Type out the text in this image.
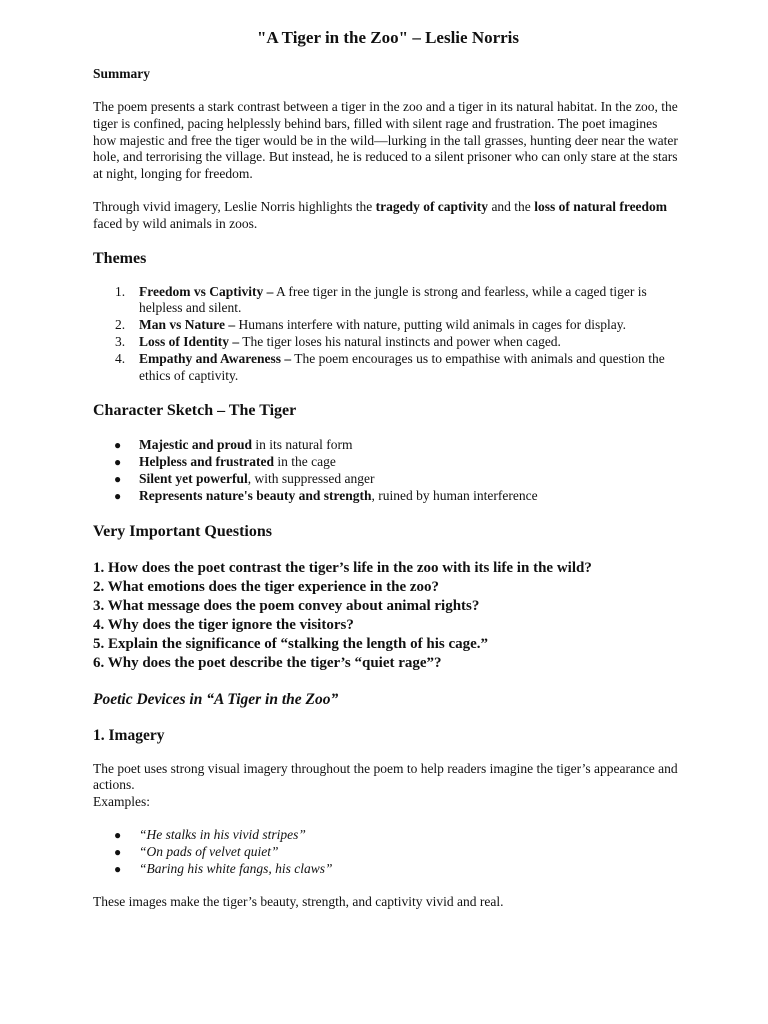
"A Tiger in the Zoo" – Leslie Norris
Summary

The poem presents a stark contrast between a tiger in the zoo and a tiger in its natural habitat. In the zoo, the tiger is confined, pacing helplessly behind bars, filled with silent rage and frustration. The poet imagines how majestic and free the tiger would be in the wild—lurking in the tall grasses, hunting deer near the water hole, and terrorising the village. But instead, he is reduced to a silent prisoner who can only stare at the stars at night, longing for freedom.

Through vivid imagery, Leslie Norris highlights the tragedy of captivity and the loss of natural freedom faced by wild animals in zoos.

Themes
1. Freedom vs Captivity – A free tiger in the jungle is strong and fearless, while a caged tiger is helpless and silent.
2. Man vs Nature – Humans interfere with nature, putting wild animals in cages for display.
3. Loss of Identity – The tiger loses his natural instincts and power when caged.
4. Empathy and Awareness – The poem encourages us to empathise with animals and question the ethics of captivity.
Character Sketch – The Tiger
● Majestic and proud in its natural form
● Helpless and frustrated in the cage
● Silent yet powerful, with suppressed anger
● Represents nature's beauty and strength, ruined by human interference
Very Important Questions

1. How does the poet contrast the tiger’s life in the zoo with its life in the wild?

2. What emotions does the tiger experience in the zoo?

3. What message does the poem convey about animal rights?

4. Why does the tiger ignore the visitors?

5. Explain the significance of “stalking the length of his cage.”

6. Why does the poet describe the tiger’s “quiet rage”?

Poetic Devices in “A Tiger in the Zoo”
1. Imagery

The poet uses strong visual imagery throughout the poem to help readers imagine the tiger’s appearance and actions.
Examples:

● “He stalks in his vivid stripes”
● “On pads of velvet quiet”
● “Baring his white fangs, his claws”

These images make the tiger’s beauty, strength, and captivity vivid and real.
